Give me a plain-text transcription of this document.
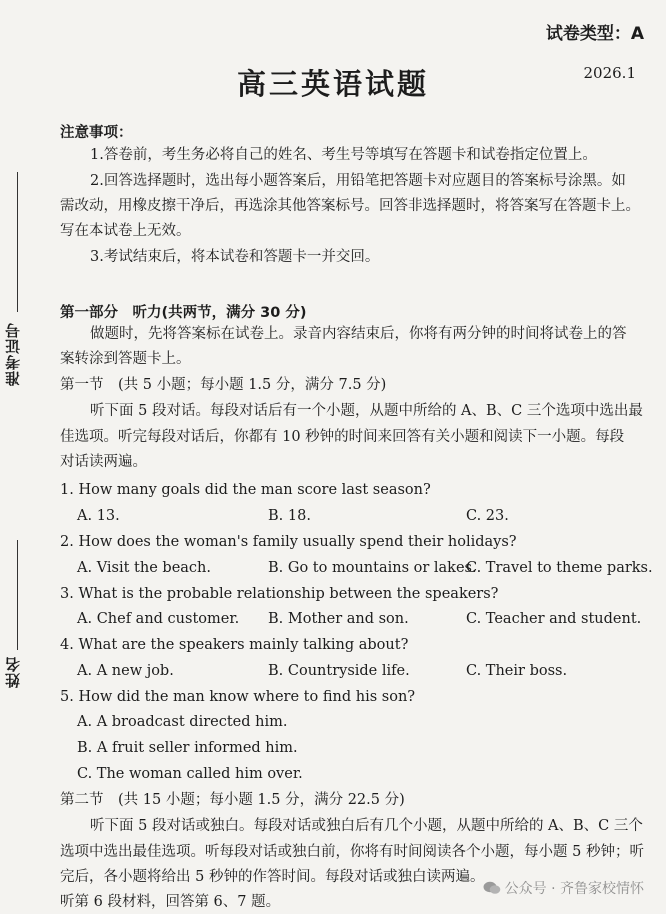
准考证号
姓名
试卷类型：A
高三英语试题	2026.1
注意事项：
1.答卷前，考生务必将自己的姓名、考生号等填写在答题卡和试卷指定位置上。
2.回答选择题时，选出每小题答案后，用铅笔把答题卡对应题目的答案标号涂黑。如
需改动，用橡皮擦干净后，再选涂其他答案标号。回答非选择题时，将答案写在答题卡上。
写在本试卷上无效。
3.考试结束后，将本试卷和答题卡一并交回。
第一部分　听力(共两节，满分 30 分)
做题时，先将答案标在试卷上。录音内容结束后，你将有两分钟的时间将试卷上的答
案转涂到答题卡上。
第一节　(共 5 小题；每小题 1.5 分，满分 7.5 分)
听下面 5 段对话。每段对话后有一个小题，从题中所给的 A、B、C 三个选项中选出最
佳选项。听完每段对话后，你都有 10 秒钟的时间来回答有关小题和阅读下一小题。每段
对话读两遍。
1. How many goals did the man score last season?
A. 13.	B. 18.	C. 23.
2. How does the woman's family usually spend their holidays?
A. Visit the beach.	B. Go to mountains or lakes.
C. Travel to theme parks.
3. What is the probable relationship between the speakers?
A. Chef and customer. B. Mother and son.	C. Teacher and student.
4. What are the speakers mainly talking about?
A. A new job.	B. Countryside life.	C. Their boss.
5. How did the man know where to find his son?
A. A broadcast directed him.
B. A fruit seller informed him.
C. The woman called him over.
第二节　(共 15 小题；每小题 1.5 分，满分 22.5 分)
听下面 5 段对话或独白。每段对话或独白后有几个小题，从题中所给的 A、B、C 三个
选项中选出最佳选项。听每段对话或独白前，你将有时间阅读各个小题，每小题 5 秒钟；听
完后，各小题将给出 5 秒钟的作答时间。每段对话或独白读两遍。
听第 6 段材料，回答第 6、7 题。
公众号 · 齐鲁家校情怀
